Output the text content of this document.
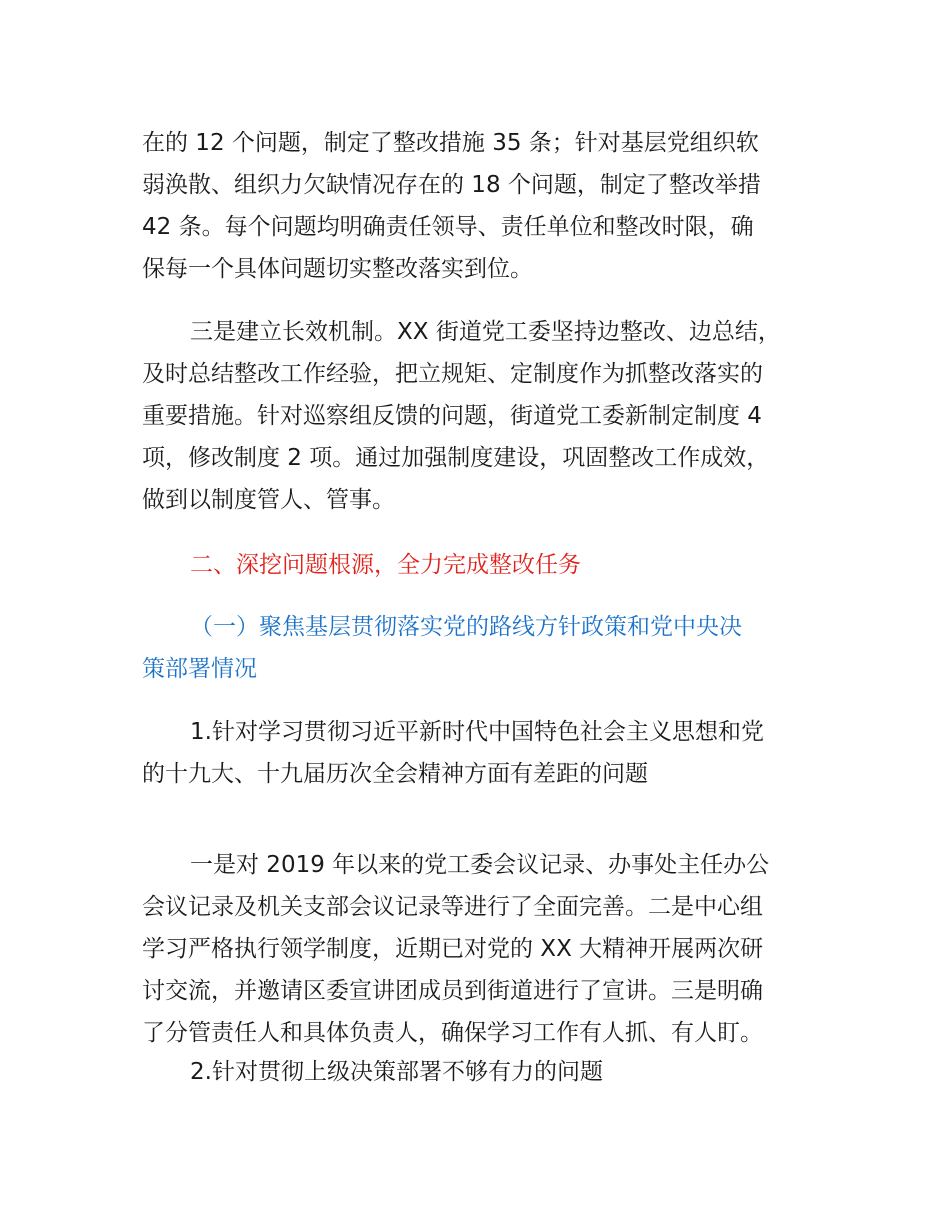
在的 12 个问题，制定了整改措施 35 条；针对基层党组织软
弱涣散、组织力欠缺情况存在的 18 个问题，制定了整改举措
42 条。每个问题均明确责任领导、责任单位和整改时限，确
保每一个具体问题切实整改落实到位。

三是建立长效机制。XX 街道党工委坚持边整改、边总结，
及时总结整改工作经验，把立规矩、定制度作为抓整改落实的
重要措施。针对巡察组反馈的问题，街道党工委新制定制度 4
项，修改制度 2 项。通过加强制度建设，巩固整改工作成效，
做到以制度管人、管事。

二、深挖问题根源，全力完成整改任务

（一）聚焦基层贯彻落实党的路线方针政策和党中央决
策部署情况

1.针对学习贯彻习近平新时代中国特色社会主义思想和党
的十九大、十九届历次全会精神方面有差距的问题

一是对 2019 年以来的党工委会议记录、办事处主任办公
会议记录及机关支部会议记录等进行了全面完善。二是中心组
学习严格执行领学制度，近期已对党的 XX 大精神开展两次研
讨交流，并邀请区委宣讲团成员到街道进行了宣讲。三是明确
了分管责任人和具体负责人，确保学习工作有人抓、有人盯。

2.针对贯彻上级决策部署不够有力的问题
